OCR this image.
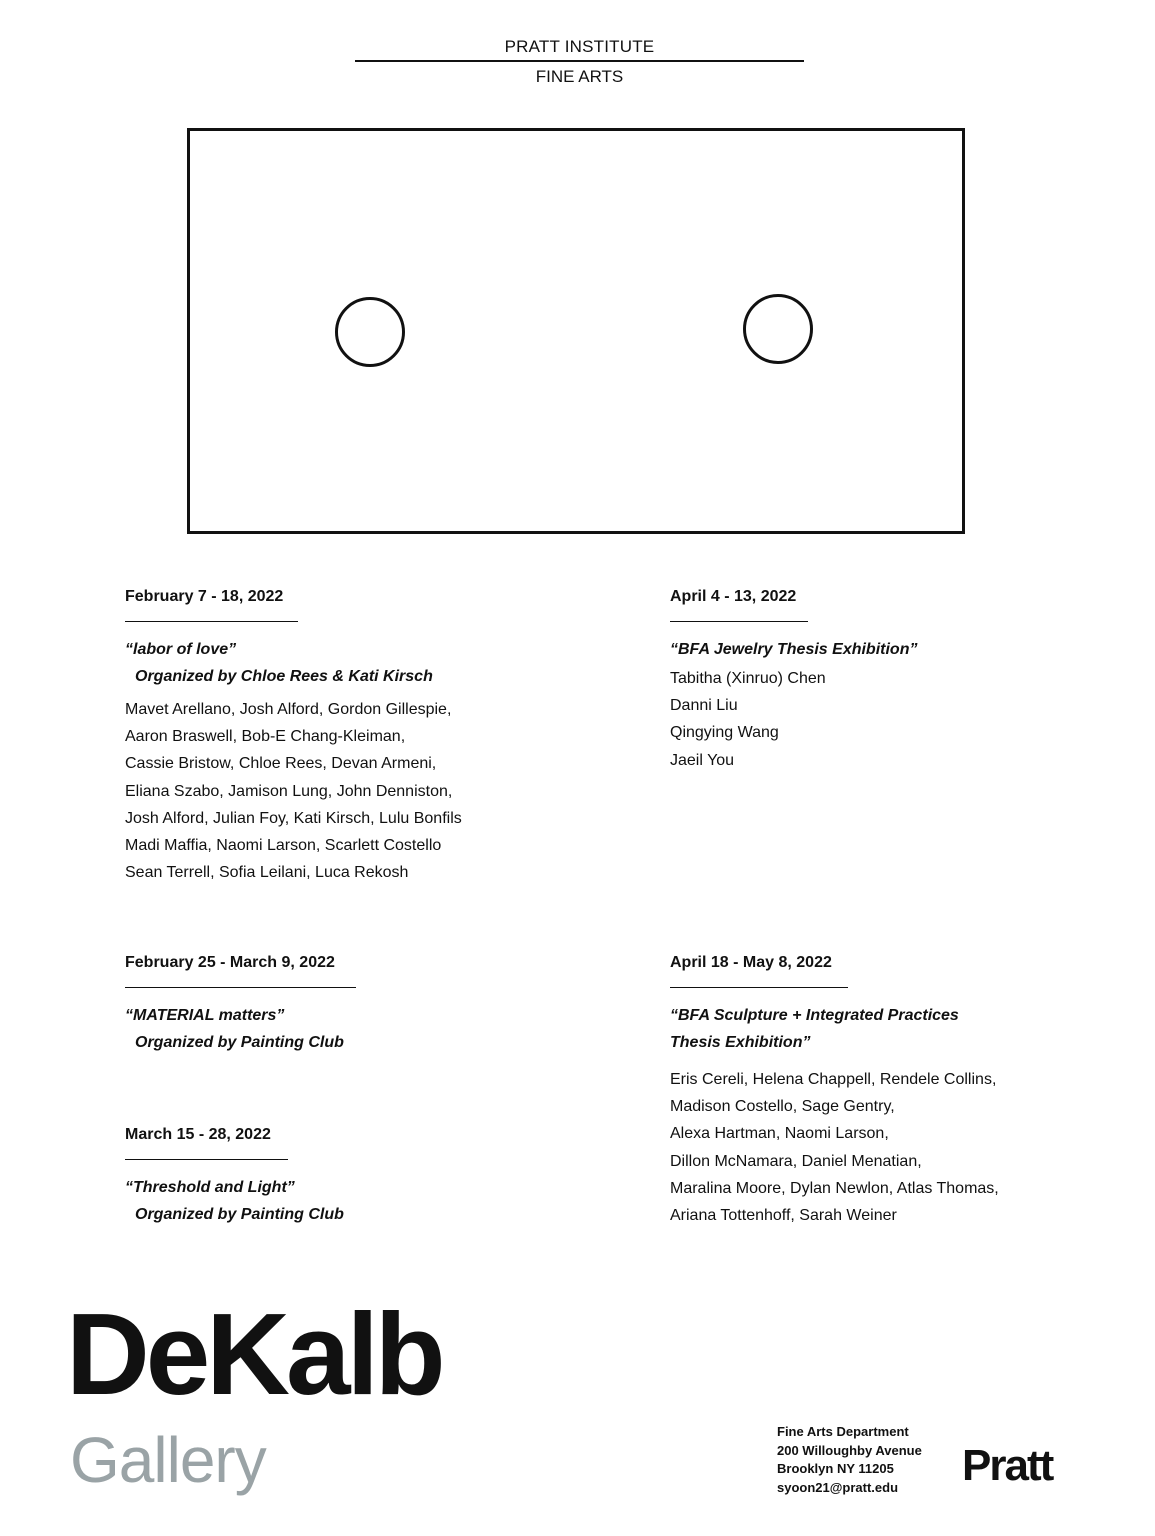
PRATT INSTITUTE
FINE ARTS
February 7 - 18, 2022
“labor of love”
Organized by Chloe Rees & Kati Kirsch
Mavet Arellano, Josh Alford, Gordon Gillespie,
Aaron Braswell, Bob-E Chang-Kleiman,
Cassie Bristow, Chloe Rees, Devan Armeni,
Eliana Szabo, Jamison Lung, John Denniston,
Josh Alford, Julian Foy, Kati Kirsch, Lulu Bonfils
Madi Maffia, Naomi Larson, Scarlett Costello
Sean Terrell, Sofia Leilani, Luca Rekosh
February 25 - March 9, 2022
“MATERIAL matters”
Organized by Painting Club
March 15 - 28, 2022
“Threshold and Light”
Organized by Painting Club
April 4 - 13, 2022
“BFA Jewelry Thesis Exhibition”
Tabitha (Xinruo) Chen
Danni Liu
Qingying Wang
Jaeil You
April 18 - May 8, 2022
“BFA Sculpture + Integrated Practices
Thesis Exhibition”
Eris Cereli, Helena Chappell, Rendele Collins,
Madison Costello, Sage Gentry,
Alexa Hartman, Naomi Larson,
Dillon McNamara, Daniel Menatian,
Maralina Moore, Dylan Newlon, Atlas Thomas,
Ariana Tottenhoff, Sarah Weiner
DeKalb
Gallery	Fine Arts Department
200 Willoughby Avenue
Brooklyn NY 11205
syoon21@pratt.edu	Pratt
